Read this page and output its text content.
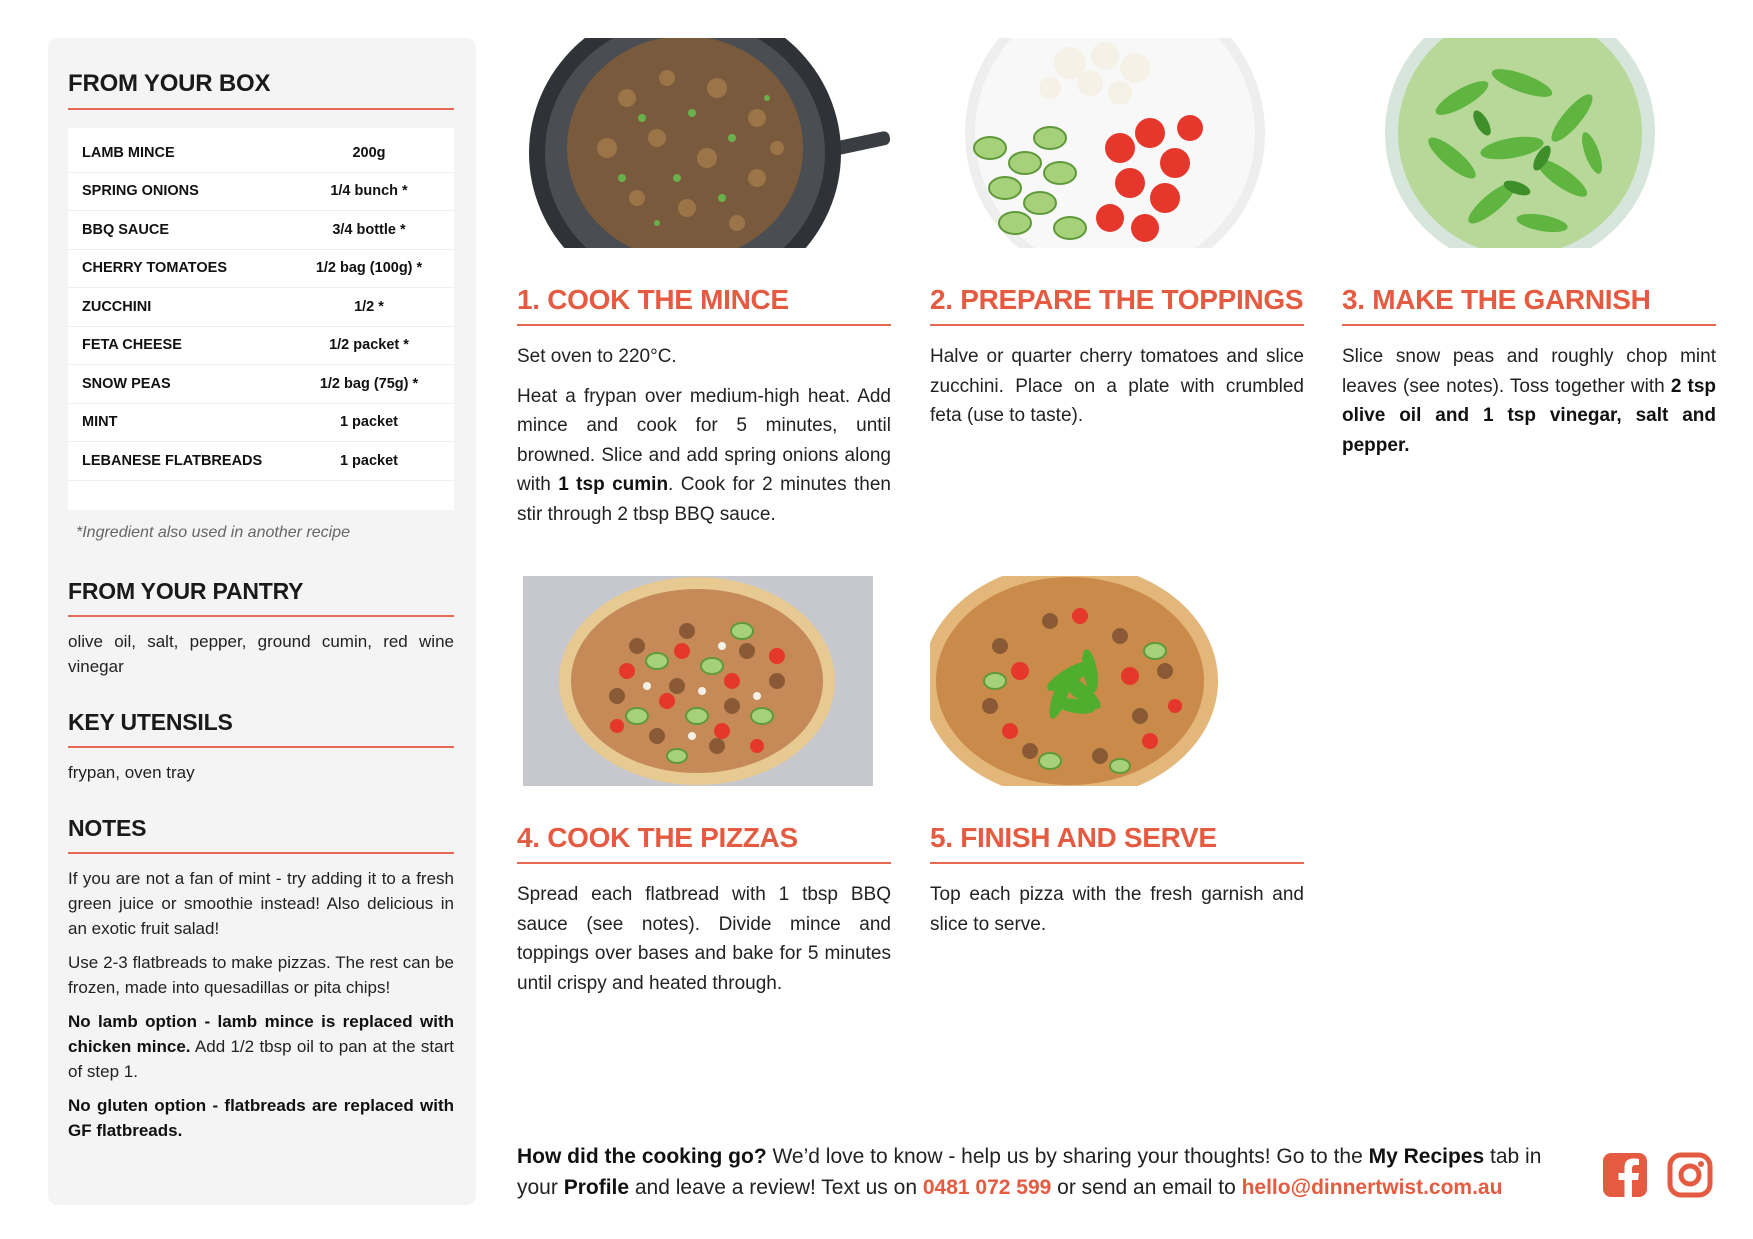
FROM YOUR BOX
LAMB MINCE	200g
SPRING ONIONS	1/4 bunch *
BBQ SAUCE	3/4 bottle *
CHERRY TOMATOES	1/2 bag (100g) *
ZUCCHINI	1/2 *
FETA CHEESE	1/2 packet *
SNOW PEAS	1/2 bag (75g) *
MINT	1 packet
LEBANESE FLATBREADS	1 packet
*Ingredient also used in another recipe
FROM YOUR PANTRY
olive oil, salt, pepper, ground cumin, red wine vinegar
KEY UTENSILS
frypan, oven tray
NOTES
If you are not a fan of mint - try adding it to a fresh green juice or smoothie instead! Also delicious in an exotic fruit salad!
Use 2-3 flatbreads to make pizzas. The rest can be frozen, made into quesadillas or pita chips!
No lamb option - lamb mince is replaced with chicken mince. Add 1/2 tbsp oil to pan at the start of step 1.
No gluten option - flatbreads are replaced with GF flatbreads.
1. COOK THE MINCE
Set oven to 220°C.
Heat a frypan over medium-high heat. Add mince and cook for 5 minutes, until browned. Slice and add spring onions along with 1 tsp cumin. Cook for 2 minutes then stir through 2 tbsp BBQ sauce.
2. PREPARE THE TOPPINGS
Halve or quarter cherry tomatoes and slice zucchini. Place on a plate with crumbled feta (use to taste).
3. MAKE THE GARNISH
Slice snow peas and roughly chop mint leaves (see notes). Toss together with 2 tsp olive oil and 1 tsp vinegar, salt and pepper.
4. COOK THE PIZZAS
Spread each flatbread with 1 tbsp BBQ sauce (see notes). Divide mince and toppings over bases and bake for 5 minutes until crispy and heated through.
5. FINISH AND SERVE
Top each pizza with the fresh garnish and slice to serve.
How did the cooking go? We’d love to know - help us by sharing your thoughts! Go to the My Recipes tab in your Profile and leave a review! Text us on 0481 072 599 or send an email to hello@dinnertwist.com.au
